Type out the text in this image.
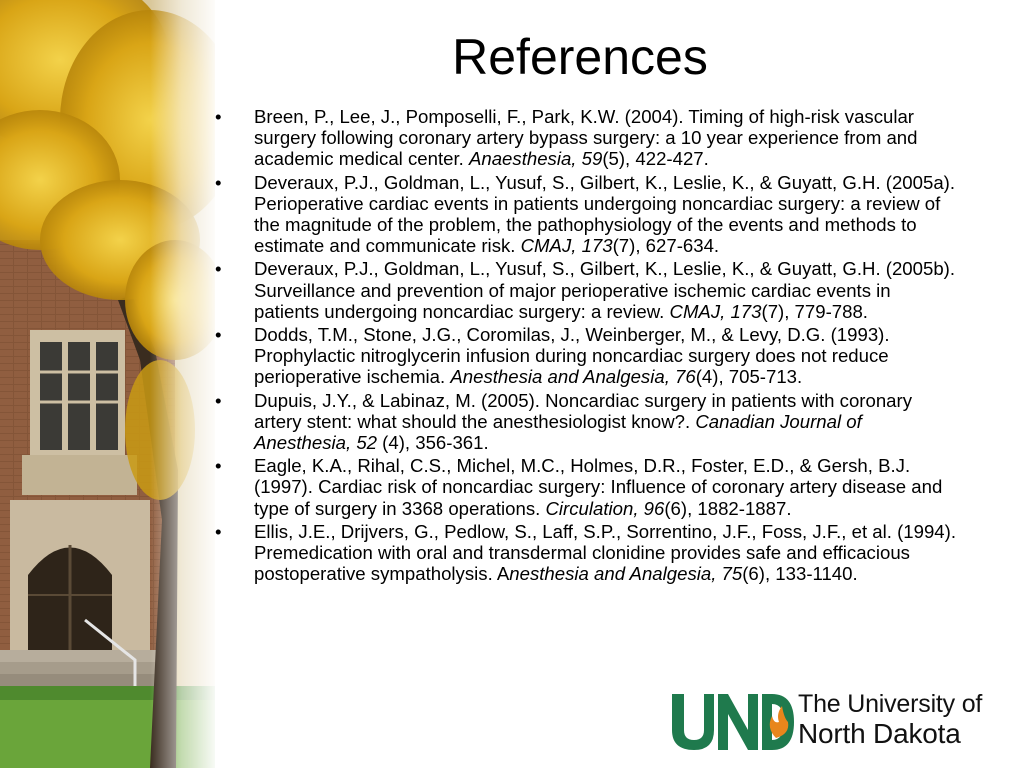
References
• Breen, P., Lee, J., Pomposelli, F., Park, K.W. (2004). Timing of high-risk vascular surgery following coronary artery bypass surgery: a 10 year experience from and academic medical center. Anaesthesia, 59(5), 422-427.
• Deveraux, P.J., Goldman, L., Yusuf, S., Gilbert, K., Leslie, K., & Guyatt, G.H. (2005a). Perioperative cardiac events in patients undergoing noncardiac surgery: a review of the magnitude of the problem, the pathophysiology of the events and methods to estimate and communicate risk. CMAJ, 173(7), 627-634.
• Deveraux, P.J., Goldman, L., Yusuf, S., Gilbert, K., Leslie, K., & Guyatt, G.H. (2005b). Surveillance and prevention of major perioperative ischemic cardiac events in patients undergoing noncardiac surgery: a review. CMAJ, 173(7), 779-788.
• Dodds, T.M., Stone, J.G., Coromilas, J., Weinberger, M., & Levy, D.G. (1993). Prophylactic nitroglycerin infusion during noncardiac surgery does not reduce perioperative ischemia. Anesthesia and Analgesia, 76(4), 705-713.
• Dupuis, J.Y., & Labinaz, M. (2005). Noncardiac surgery in patients with coronary artery stent: what should the anesthesiologist know?. Canadian Journal of Anesthesia, 52 (4), 356-361.
• Eagle, K.A., Rihal, C.S., Michel, M.C., Holmes, D.R., Foster, E.D., & Gersh, B.J. (1997). Cardiac risk of noncardiac surgery: Influence of coronary artery disease and type of surgery in 3368 operations. Circulation, 96(6), 1882-1887.
• Ellis, J.E., Drijvers, G., Pedlow, S., Laff, S.P., Sorrentino, J.F., Foss, J.F., et al. (1994). Premedication with oral and transdermal clonidine provides safe and efficacious postoperative sympatholysis. Anesthesia and Analgesia, 75(6), 133-1140.
The University of
North Dakota
